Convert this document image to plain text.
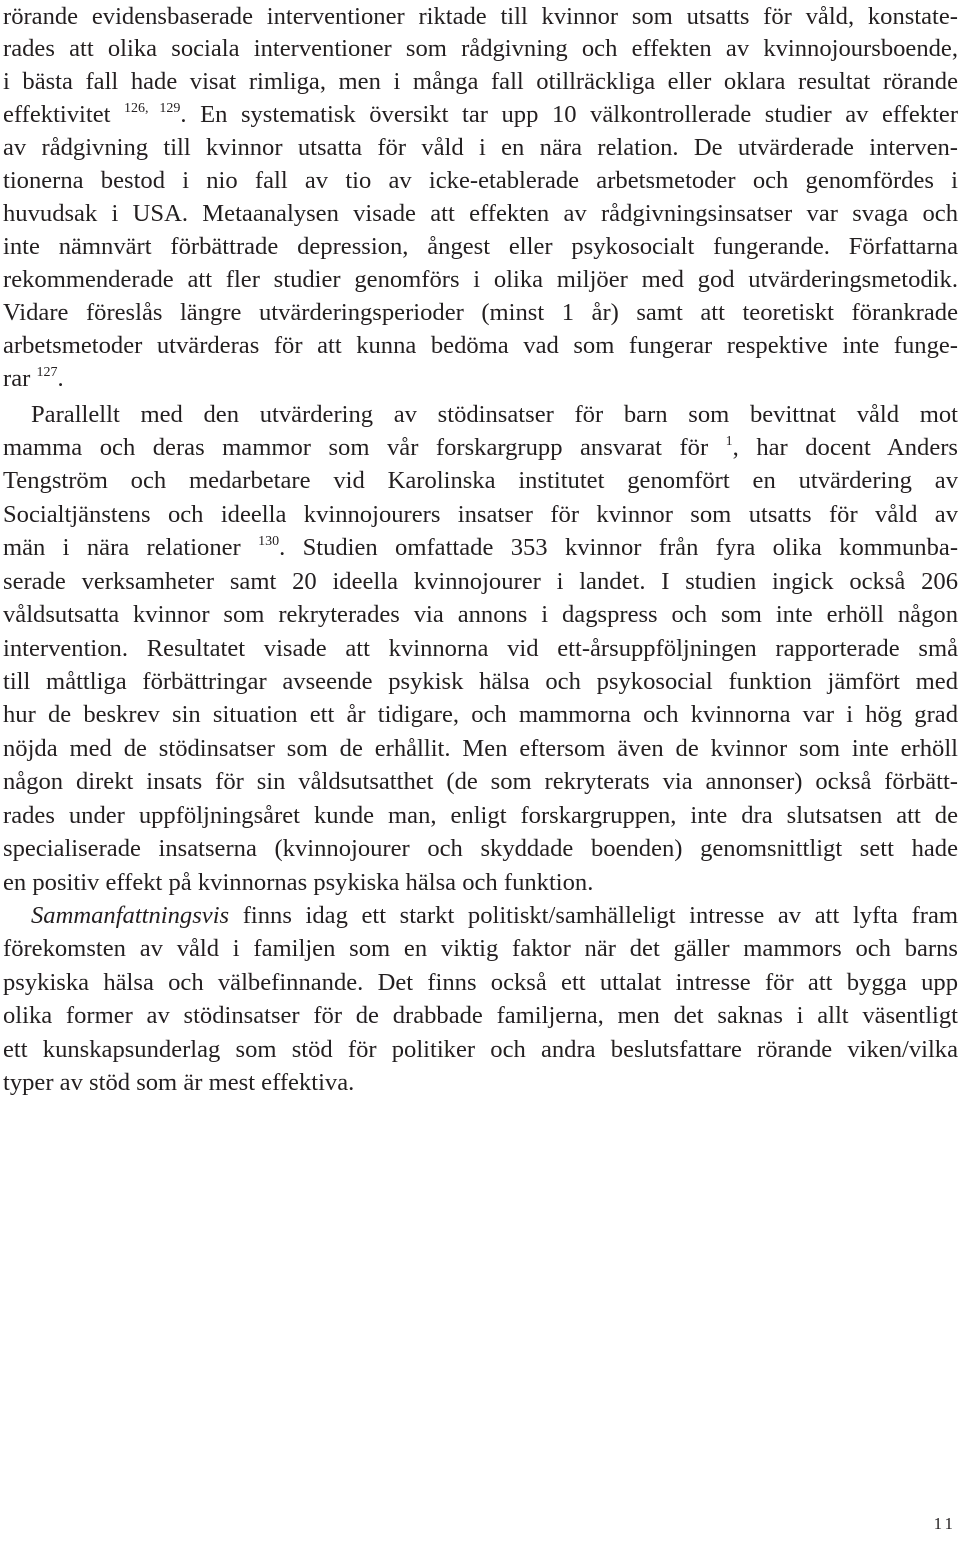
rörande evidensbaserade interventioner riktade till kvinnor som utsatts för våld, konstate-
rades att olika sociala interventioner som rådgivning och effekten av kvinnojoursboende,
i bästa fall hade visat rimliga, men i många fall otillräckliga eller oklara resultat rörande
effektivitet $^{126, 129}$. En systematisk översikt tar upp 10 välkontrollerade studier av effekter
av rådgivning till kvinnor utsatta för våld i en nära relation. De utvärderade interven-
tionerna bestod i nio fall av tio av icke-etablerade arbetsmetoder och genomfördes i
huvudsak i USA. Metaanalysen visade att effekten av rådgivningsinsatser var svaga och
inte nämnvärt förbättrade depression, ångest eller psykosocialt fungerande. Författarna
rekommenderade att fler studier genomförs i olika miljöer med god utvärderingsmetodik.
Vidare föreslås längre utvärderingsperioder (minst 1 år) samt att teoretiskt förankrade
arbetsmetoder utvärderas för att kunna bedöma vad som fungerar respektive inte funge-
rar $^{127}$.
Parallellt med den utvärdering av stödinsatser för barn som bevittnat våld mot
mamma och deras mammor som vår forskargrupp ansvarat för $^1$, har docent Anders
Tengström och medarbetare vid Karolinska institutet genomfört en utvärdering av
Socialtjänstens och ideella kvinnojourers insatser för kvinnor som utsatts för våld av
män i nära relationer $^{130}$. Studien omfattade 353 kvinnor från fyra olika kommunba-
serade verksamheter samt 20 ideella kvinnojourer i landet. I studien ingick också 206
våldsutsatta kvinnor som rekryterades via annons i dagspress och som inte erhöll någon
intervention. Resultatet visade att kvinnorna vid ett-årsuppföljningen rapporterade små
till måttliga förbättringar avseende psykisk hälsa och psykosocial funktion jämfört med
hur de beskrev sin situation ett år tidigare, och mammorna och kvinnorna var i hög grad
nöjda med de stödinsatser som de erhållit. Men eftersom även de kvinnor som inte erhöll
någon direkt insats för sin våldsutsatthet (de som rekryterats via annonser) också förbätt-
rades under uppföljningsåret kunde man, enligt forskargruppen, inte dra slutsatsen att de
specialiserade insatserna (kvinnojourer och skyddade boenden) genomsnittligt sett hade
en positiv effekt på kvinnornas psykiska hälsa och funktion.
Sammanfattningsvis finns idag ett starkt politiskt/samhälleligt intresse av att lyfta fram
förekomsten av våld i familjen som en viktig faktor när det gäller mammors och barns
psykiska hälsa och välbefinnande. Det finns också ett uttalat intresse för att bygga upp
olika former av stödinsatser för de drabbade familjerna, men det saknas i allt väsentligt
ett kunskapsunderlag som stöd för politiker och andra beslutsfattare rörande viken/vilka
typer av stöd som är mest effektiva.
11
